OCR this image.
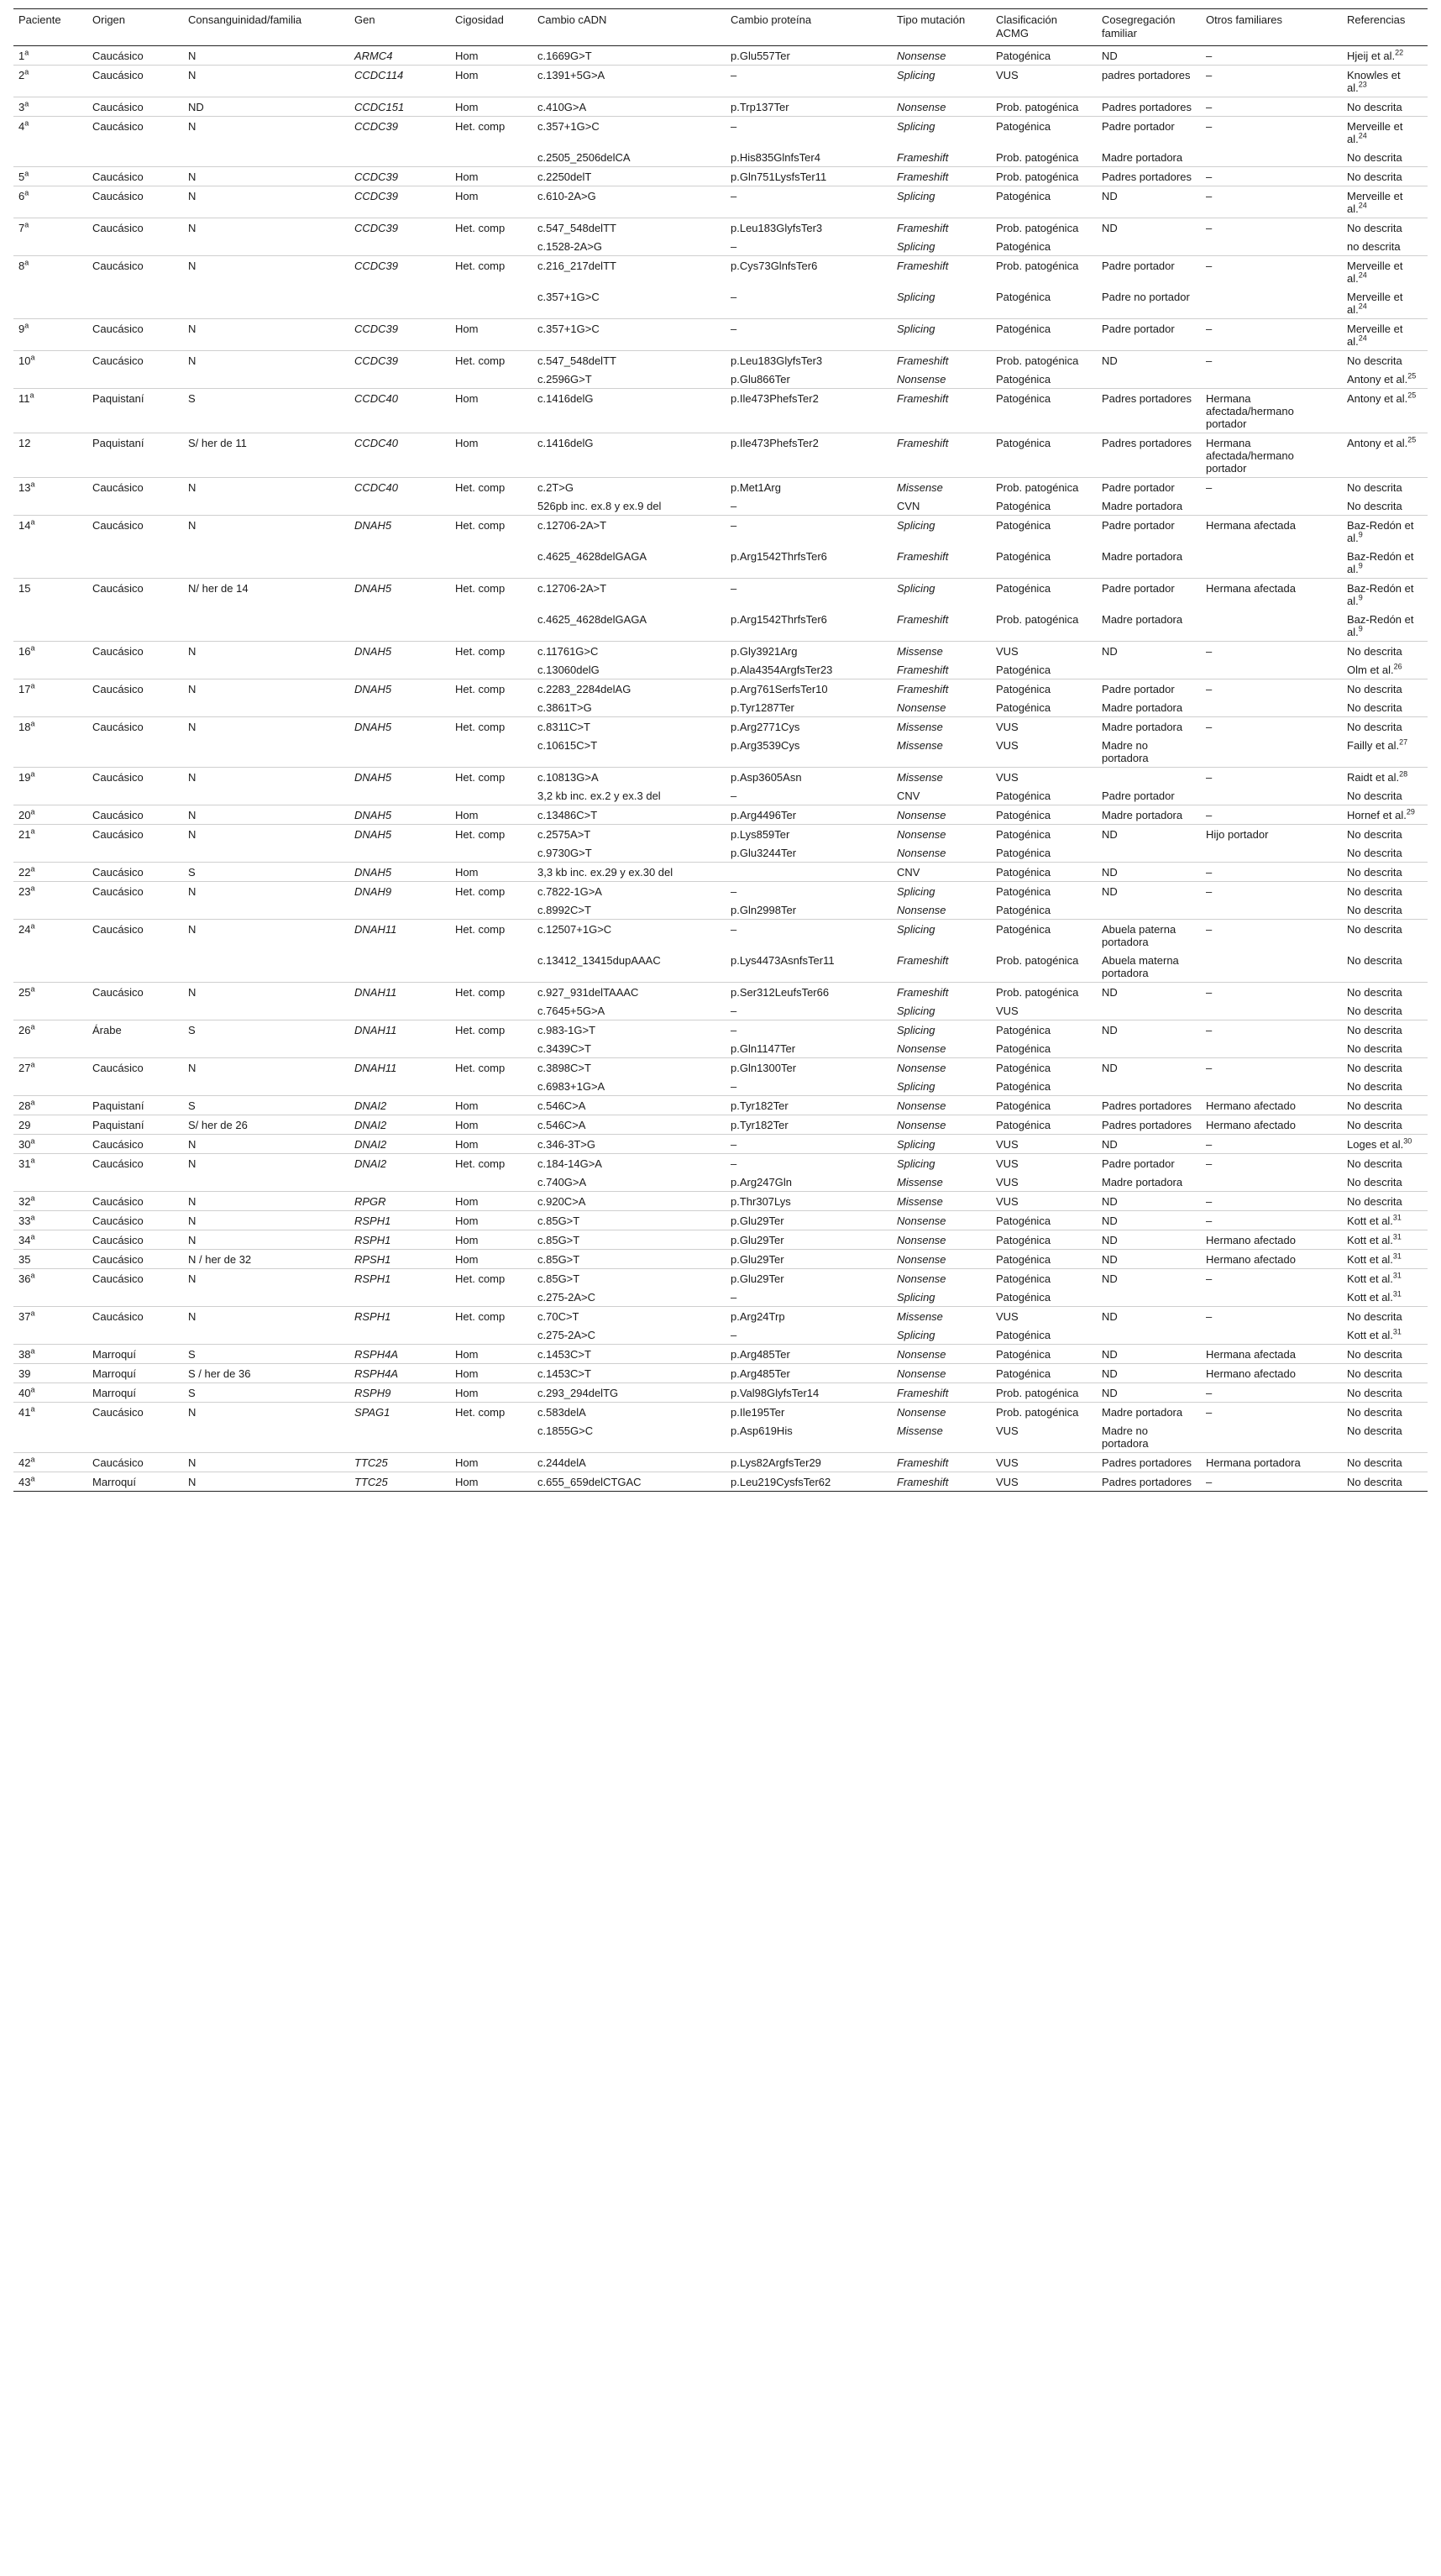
Paciente	Origen	Consanguinidad/familia	Gen	Cigosidad	Cambio cADN	Cambio proteína	Tipo mutación	Clasificación ACMG	Cosegregación familiar	Otros familiares	Referencias
1$^a$	Caucásico	N	ARMC4	Hom	c.1669G>T	p.Glu557Ter	Nonsense	Patogénica	ND	–	Hjeij et al.$^{22}$
2$^a$	Caucásico	N	CCDC114	Hom	c.1391+5G>A	–	Splicing	VUS	padres portadores	–	Knowles et al.$^{23}$
3$^a$	Caucásico	ND	CCDC151	Hom	c.410G>A	p.Trp137Ter	Nonsense	Prob. patogénica	Padres portadores	–	No descrita
4$^a$	Caucásico	N	CCDC39	Het. comp	c.357+1G>C	–	Splicing	Patogénica	Padre portador	–	Merveille et al.$^{24}$
					c.2505_2506delCA	p.His835GlnfsTer4	Frameshift	Prob. patogénica	Madre portadora		No descrita
5$^a$	Caucásico	N	CCDC39	Hom	c.2250delT	p.Gln751LysfsTer11	Frameshift	Prob. patogénica	Padres portadores	–	No descrita
6$^a$	Caucásico	N	CCDC39	Hom	c.610-2A>G	–	Splicing	Patogénica	ND	–	Merveille et al.$^{24}$
7$^a$	Caucásico	N	CCDC39	Het. comp	c.547_548delTT	p.Leu183GlyfsTer3	Frameshift	Prob. patogénica	ND	–	No descrita
					c.1528-2A>G	–	Splicing	Patogénica			no descrita
8$^a$	Caucásico	N	CCDC39	Het. comp	c.216_217delTT	p.Cys73GlnfsTer6	Frameshift	Prob. patogénica	Padre portador	–	Merveille et al.$^{24}$
					c.357+1G>C	–	Splicing	Patogénica	Padre no portador		Merveille et al.$^{24}$
9$^a$	Caucásico	N	CCDC39	Hom	c.357+1G>C	–	Splicing	Patogénica	Padre portador	–	Merveille et al.$^{24}$
10$^a$	Caucásico	N	CCDC39	Het. comp	c.547_548delTT	p.Leu183GlyfsTer3	Frameshift	Prob. patogénica	ND	–	No descrita
					c.2596G>T	p.Glu866Ter	Nonsense	Patogénica			Antony et al.$^{25}$
11$^a$	Paquistaní	S	CCDC40	Hom	c.1416delG	p.Ile473PhefsTer2	Frameshift	Patogénica	Padres portadores	Hermana afectada/hermano portador	Antony et al.$^{25}$
12	Paquistaní	S/ her de 11	CCDC40	Hom	c.1416delG	p.Ile473PhefsTer2	Frameshift	Patogénica	Padres portadores	Hermana afectada/hermano portador	Antony et al.$^{25}$
13$^a$	Caucásico	N	CCDC40	Het. comp	c.2T>G	p.Met1Arg	Missense	Prob. patogénica	Padre portador	–	No descrita
					526pb inc. ex.8 y ex.9 del	–	CVN	Patogénica	Madre portadora		No descrita
14$^a$	Caucásico	N	DNAH5	Het. comp	c.12706-2A>T	–	Splicing	Patogénica	Padre portador	Hermana afectada	Baz-Redón et al.$^9$
					c.4625_4628delGAGA	p.Arg1542ThrfsTer6	Frameshift	Patogénica	Madre portadora		Baz-Redón et al.$^9$
15	Caucásico	N/ her de 14	DNAH5	Het. comp	c.12706-2A>T	–	Splicing	Patogénica	Padre portador	Hermana afectada	Baz-Redón et al.$^9$
					c.4625_4628delGAGA	p.Arg1542ThrfsTer6	Frameshift	Prob. patogénica	Madre portadora		Baz-Redón et al.$^9$
16$^a$	Caucásico	N	DNAH5	Het. comp	c.11761G>C	p.Gly3921Arg	Missense	VUS	ND	–	No descrita
					c.13060delG	p.Ala4354ArgfsTer23	Frameshift	Patogénica			Olm et al.$^{26}$
17$^a$	Caucásico	N	DNAH5	Het. comp	c.2283_2284delAG	p.Arg761SerfsTer10	Frameshift	Patogénica	Padre portador	–	No descrita
					c.3861T>G	p.Tyr1287Ter	Nonsense	Patogénica	Madre portadora		No descrita
18$^a$	Caucásico	N	DNAH5	Het. comp	c.8311C>T	p.Arg2771Cys	Missense	VUS	Madre portadora	–	No descrita
					c.10615C>T	p.Arg3539Cys	Missense	VUS	Madre no portadora		Failly et al.$^{27}$
19$^a$	Caucásico	N	DNAH5	Het. comp	c.10813G>A	p.Asp3605Asn	Missense	VUS		–	Raidt et al.$^{28}$
					3,2 kb inc. ex.2 y ex.3 del	–	CNV	Patogénica	Padre portador		No descrita
20$^a$	Caucásico	N	DNAH5	Hom	c.13486C>T	p.Arg4496Ter	Nonsense	Patogénica	Madre portadora	–	Hornef et al.$^{29}$
21$^a$	Caucásico	N	DNAH5	Het. comp	c.2575A>T	p.Lys859Ter	Nonsense	Patogénica	ND	Hijo portador	No descrita
					c.9730G>T	p.Glu3244Ter	Nonsense	Patogénica			No descrita
22$^a$	Caucásico	S	DNAH5	Hom	3,3 kb inc. ex.29 y ex.30 del		CNV	Patogénica	ND	–	No descrita
23$^a$	Caucásico	N	DNAH9	Het. comp	c.7822-1G>A	–	Splicing	Patogénica	ND	–	No descrita
					c.8992C>T	p.Gln2998Ter	Nonsense	Patogénica			No descrita
24$^a$	Caucásico	N	DNAH11	Het. comp	c.12507+1G>C	–	Splicing	Patogénica	Abuela paterna portadora	–	No descrita
					c.13412_13415dupAAAC	p.Lys4473AsnfsTer11	Frameshift	Prob. patogénica	Abuela materna portadora		No descrita
25$^a$	Caucásico	N	DNAH11	Het. comp	c.927_931delTAAAC	p.Ser312LeufsTer66	Frameshift	Prob. patogénica	ND	–	No descrita
					c.7645+5G>A	–	Splicing	VUS			No descrita
26$^a$	Árabe	S	DNAH11	Het. comp	c.983-1G>T	–	Splicing	Patogénica	ND	–	No descrita
					c.3439C>T	p.Gln1147Ter	Nonsense	Patogénica			No descrita
27$^a$	Caucásico	N	DNAH11	Het. comp	c.3898C>T	p.Gln1300Ter	Nonsense	Patogénica	ND	–	No descrita
					c.6983+1G>A	–	Splicing	Patogénica			No descrita
28$^a$	Paquistaní	S	DNAI2	Hom	c.546C>A	p.Tyr182Ter	Nonsense	Patogénica	Padres portadores	Hermano afectado	No descrita
29	Paquistaní	S/ her de 26	DNAI2	Hom	c.546C>A	p.Tyr182Ter	Nonsense	Patogénica	Padres portadores	Hermano afectado	No descrita
30$^a$	Caucásico	N	DNAI2	Hom	c.346-3T>G	–	Splicing	VUS	ND	–	Loges et al.$^{30}$
31$^a$	Caucásico	N	DNAI2	Het. comp	c.184-14G>A	–	Splicing	VUS	Padre portador	–	No descrita
					c.740G>A	p.Arg247Gln	Missense	VUS	Madre portadora		No descrita
32$^a$	Caucásico	N	RPGR	Hom	c.920C>A	p.Thr307Lys	Missense	VUS	ND	–	No descrita
33$^a$	Caucásico	N	RSPH1	Hom	c.85G>T	p.Glu29Ter	Nonsense	Patogénica	ND	–	Kott et al.$^{31}$
34$^a$	Caucásico	N	RSPH1	Hom	c.85G>T	p.Glu29Ter	Nonsense	Patogénica	ND	Hermano afectado	Kott et al.$^{31}$
35	Caucásico	N / her de 32	RPSH1	Hom	c.85G>T	p.Glu29Ter	Nonsense	Patogénica	ND	Hermano afectado	Kott et al.$^{31}$
36$^a$	Caucásico	N	RSPH1	Het. comp	c.85G>T	p.Glu29Ter	Nonsense	Patogénica	ND	–	Kott et al.$^{31}$
					c.275-2A>C	–	Splicing	Patogénica			Kott et al.$^{31}$
37$^a$	Caucásico	N	RSPH1	Het. comp	c.70C>T	p.Arg24Trp	Missense	VUS	ND	–	No descrita
					c.275-2A>C	–	Splicing	Patogénica			Kott et al.$^{31}$
38$^a$	Marroquí	S	RSPH4A	Hom	c.1453C>T	p.Arg485Ter	Nonsense	Patogénica	ND	Hermana afectada	No descrita
39	Marroquí	S / her de 36	RSPH4A	Hom	c.1453C>T	p.Arg485Ter	Nonsense	Patogénica	ND	Hermano afectado	No descrita
40$^a$	Marroquí	S	RSPH9	Hom	c.293_294delTG	p.Val98GlyfsTer14	Frameshift	Prob. patogénica	ND	–	No descrita
41$^a$	Caucásico	N	SPAG1	Het. comp	c.583delA	p.Ile195Ter	Nonsense	Prob. patogénica	Madre portadora	–	No descrita
					c.1855G>C	p.Asp619His	Missense	VUS	Madre no portadora		No descrita
42$^a$	Caucásico	N	TTC25	Hom	c.244delA	p.Lys82ArgfsTer29	Frameshift	VUS	Padres portadores	Hermana portadora	No descrita
43$^a$	Marroquí	N	TTC25	Hom	c.655_659delCTGAC	p.Leu219CysfsTer62	Frameshift	VUS	Padres portadores	–	No descrita
